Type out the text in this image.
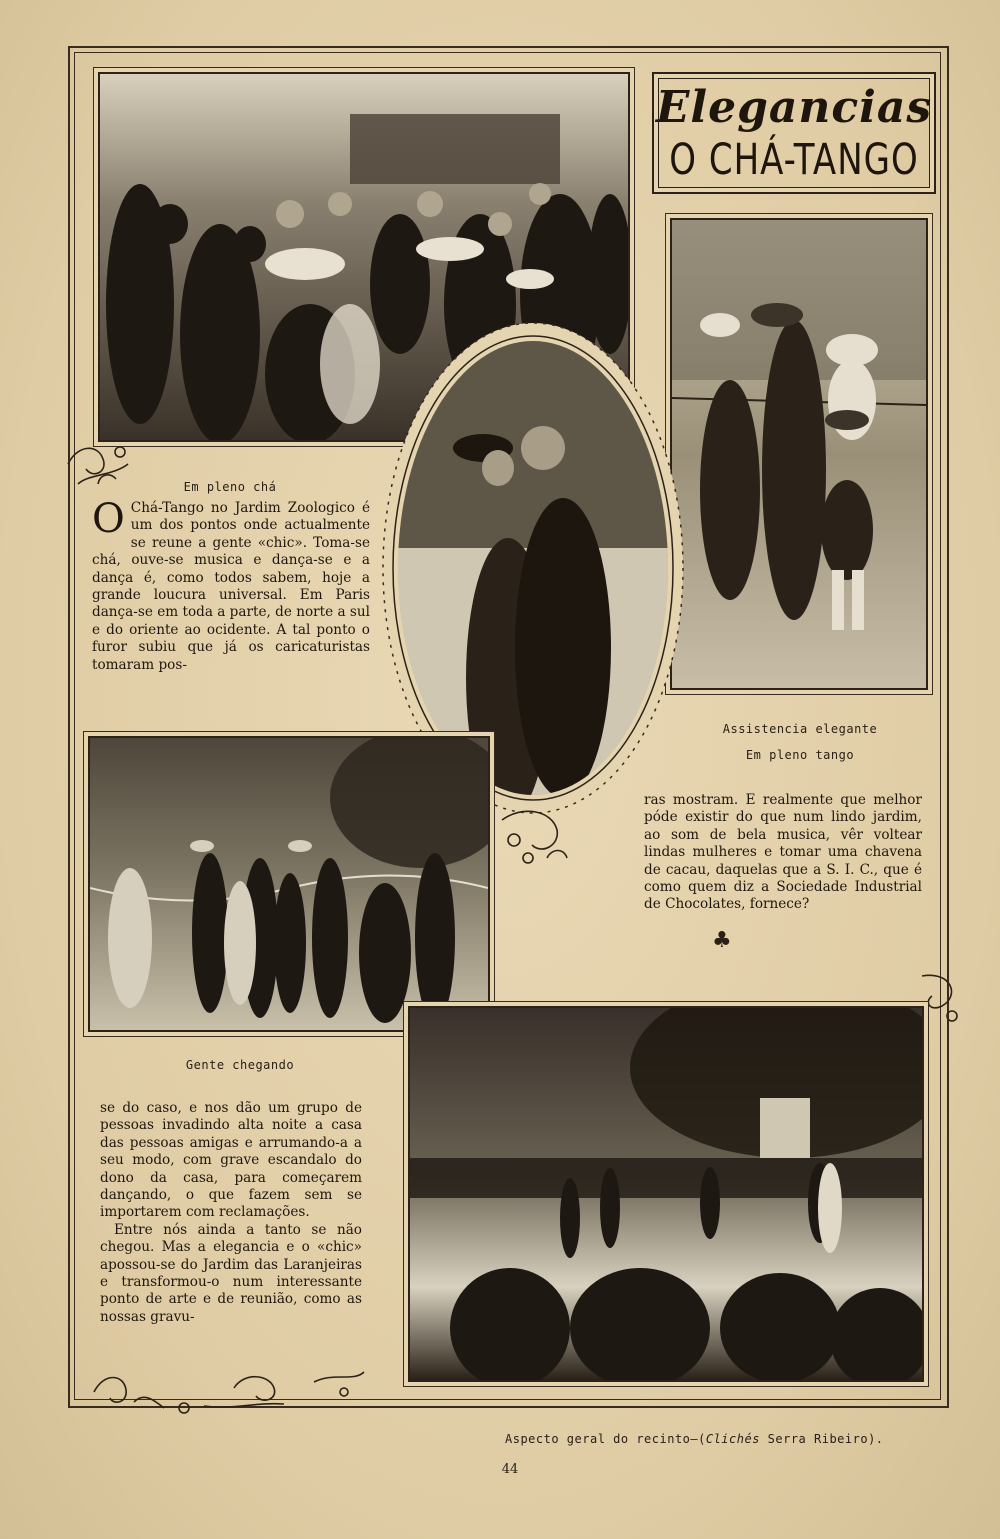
Elegancias
O CHÁ-TANGO
Em pleno chá

O Chá-Tango no Jardim Zoologico é um dos pontos onde actualmente se reune a gente «chic». Toma-se chá, ouve-se musica e dança-se e a dança é, como todos sabem, hoje a grande loucura universal. Em Paris dança-se em toda a parte, de norte a sul e do oriente ao ocidente. A tal ponto o furor subiu que já os caricaturistas tomaram pos-

Assistencia elegante
Em pleno tango
Gente chegando

se do caso, e nos dão um grupo de pessoas invadindo alta noite a casa das pessoas amigas e arrumando-a a seu modo, com grave escandalo do dono da casa, para começarem dançando, o que fazem sem se importarem com reclamações.

Entre nós ainda a tanto se não chegou. Mas a elegancia e o «chic» apossou-se do Jardim das Laranjeiras e transformou-o num interessante ponto de arte e de reunião, como as nossas gravu-

ras mostram. E realmente que melhor póde existir do que num lindo jardim, ao som de bela musica, vêr voltear lindas mulheres e tomar uma chavena de cacau, daquelas que a S. I. C., que é como quem diz a Sociedade Industrial de Chocolates, fornece?

♣
Aspecto geral do recinto—(Clichés Serra Ribeiro).
44
